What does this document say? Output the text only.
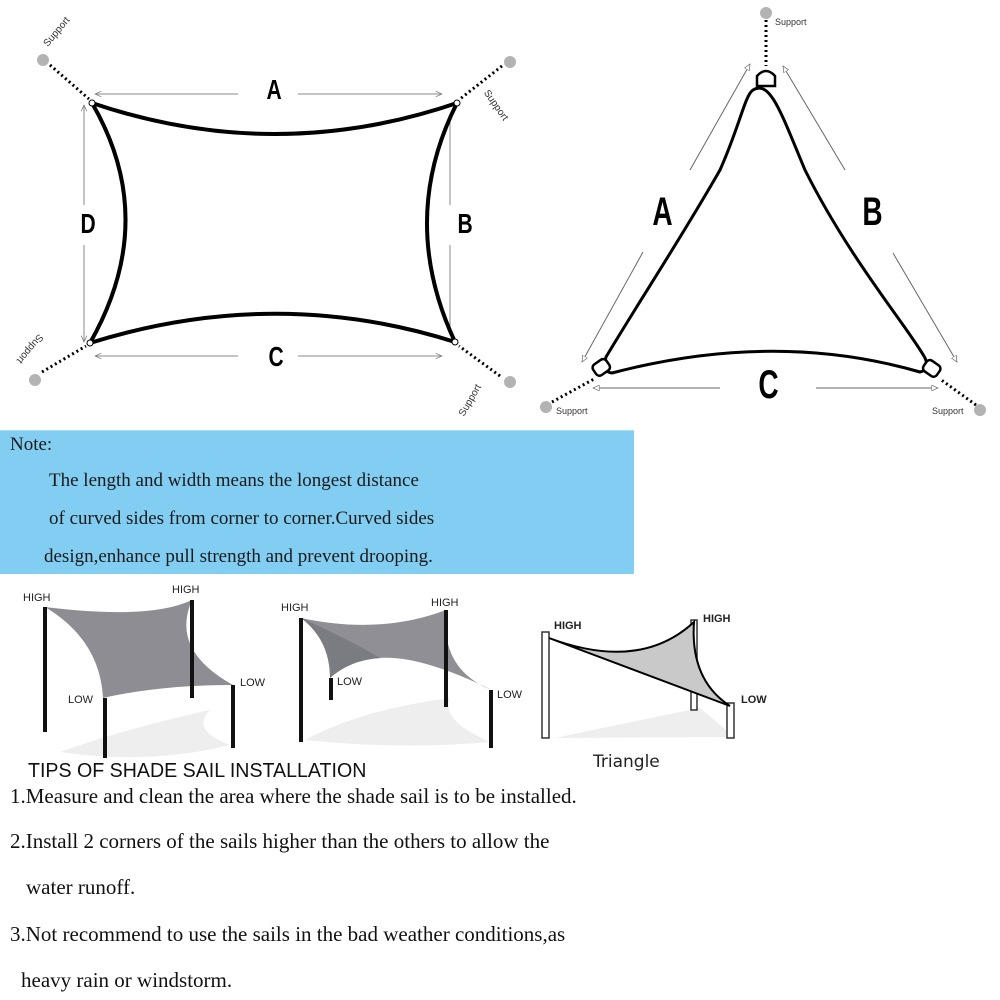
A
B
C
D
Support
Support
Support
Support
A	B
C
Support
Support	Support
Note:
The length and width means the longest distance
of curved sides from corner to corner.Curved sides
design,enhance pull strength and prevent drooping.
HIGH
HIGH
LOW
LOW
HIGH	HIGH
LOW
LOW
HIGH
HIGH
LOW
Triangle
TIPS OF SHADE SAIL INSTALLATION
1.Measure and clean the area where the shade sail is to be installed.
2.Install 2 corners of the sails higher than the others to allow the
water runoff.
3.Not recommend to use the sails in the bad weather conditions,as
heavy rain or windstorm.
